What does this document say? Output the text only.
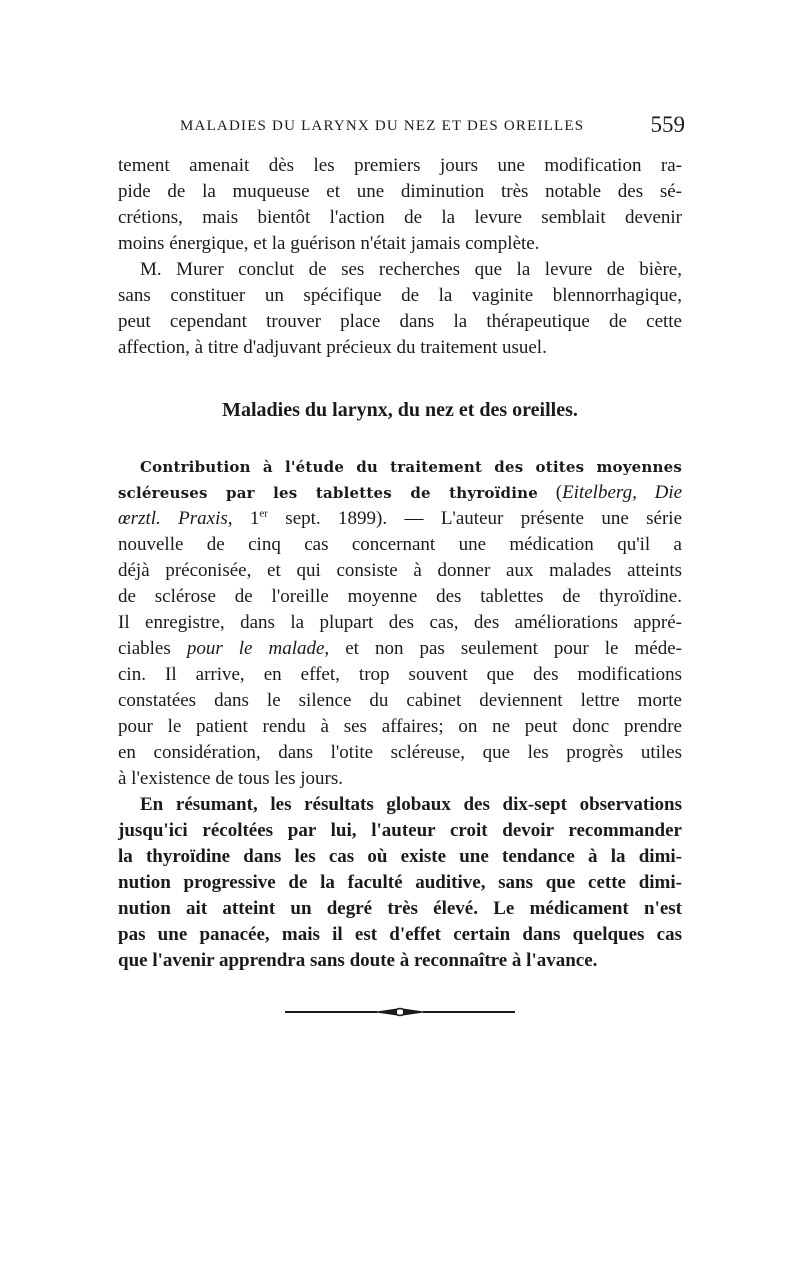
MALADIES DU LARYNX DU NEZ ET DES OREILLES	559
tement amenait dès les premiers jours une modification ra-
pide de la muqueuse et une diminution très notable des sé-
crétions, mais bientôt l'action de la levure semblait devenir
moins énergique, et la guérison n'était jamais complète.
M. Murer conclut de ses recherches que la levure de bière,
sans constituer un spécifique de la vaginite blennorrhagique,
peut cependant trouver place dans la thérapeutique de cette
affection, à titre d'adjuvant précieux du traitement usuel.
Maladies du larynx, du nez et des oreilles.
Contribution à l'étude du traitement des otites moyennes
scléreuses par les tablettes de thyroïdine (Eitelberg, Die
œrztl. Praxis, 1er sept. 1899). — L'auteur présente une série
nouvelle de cinq cas concernant une médication qu'il a
déjà préconisée, et qui consiste à donner aux malades atteints
de sclérose de l'oreille moyenne des tablettes de thyroïdine.
Il enregistre, dans la plupart des cas, des améliorations appré-
ciables pour le malade, et non pas seulement pour le méde-
cin. Il arrive, en effet, trop souvent que des modifications
constatées dans le silence du cabinet deviennent lettre morte
pour le patient rendu à ses affaires; on ne peut donc prendre
en considération, dans l'otite scléreuse, que les progrès utiles
à l'existence de tous les jours.
En résumant, les résultats globaux des dix-sept observations
jusqu'ici récoltées par lui, l'auteur croit devoir recommander
la thyroïdine dans les cas où existe une tendance à la dimi-
nution progressive de la faculté auditive, sans que cette dimi-
nution ait atteint un degré très élevé. Le médicament n'est
pas une panacée, mais il est d'effet certain dans quelques cas
que l'avenir apprendra sans doute à reconnaître à l'avance.
